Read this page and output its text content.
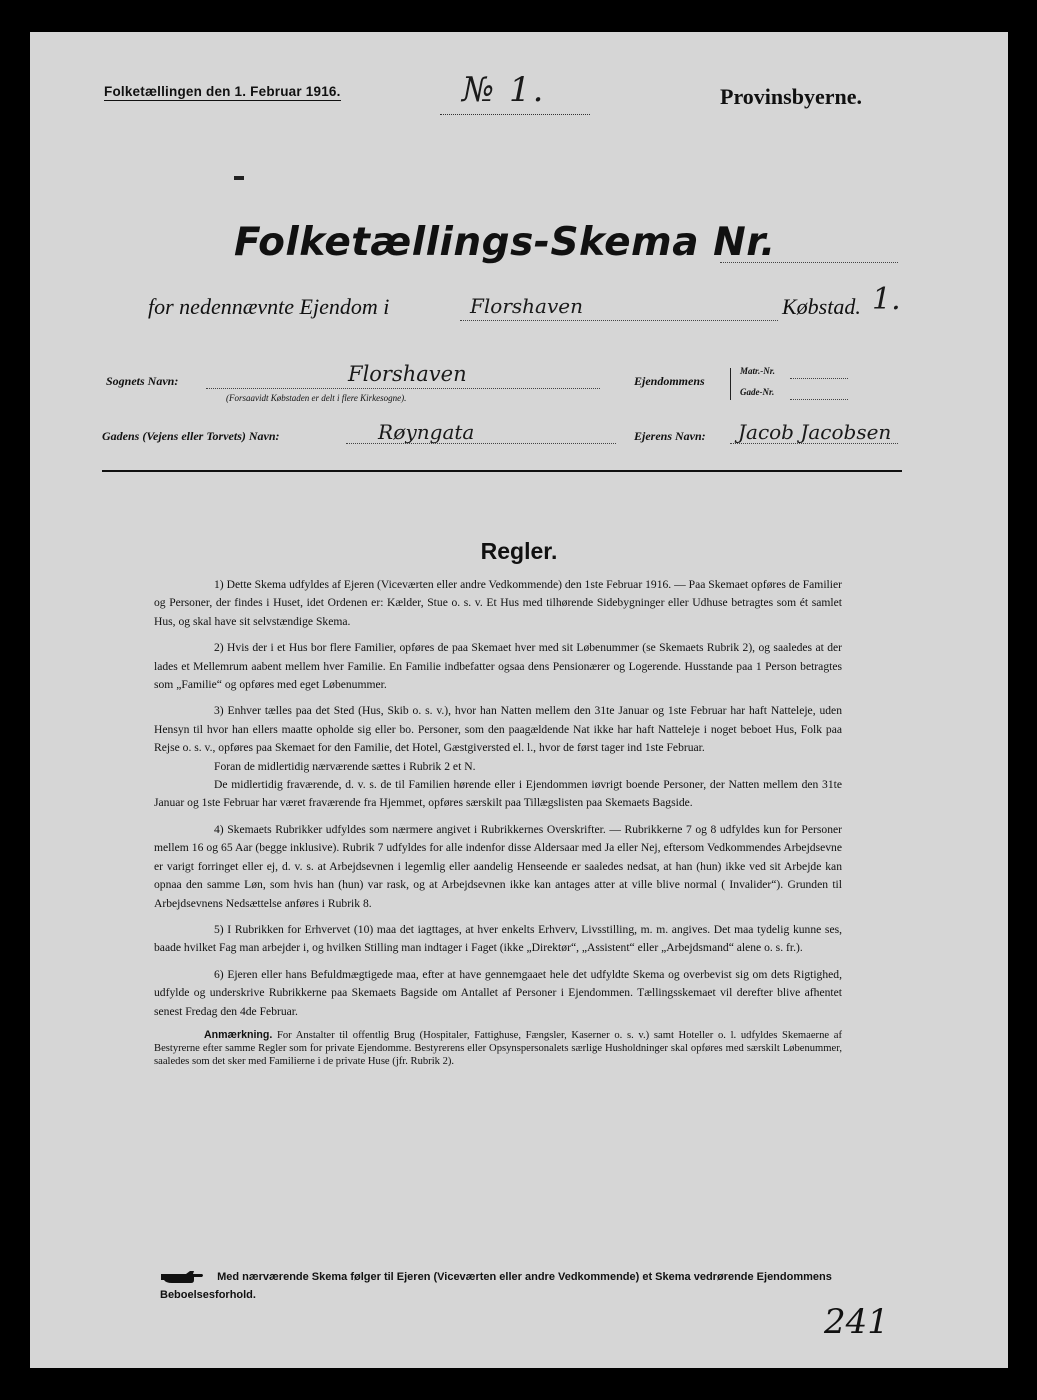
Folketællingen den 1. Februar 1916.	№ 1.	Provinsbyerne.
Folketællings-Skema Nr.
for nedennævnte Ejendom i	Florshaven	Købstad. 1.
Sognets Navn:	Florshaven
(Forsaavidt Købstaden er delt i flere Kirkesogne).
Ejendommens
Matr.-Nr.
Gade-Nr.
Gadens (Vejens eller Torvets) Navn:	Røyngata	Ejerens Navn: Jacob Jacobsen
Regler.

1) Dette Skema udfyldes af Ejeren (Viceværten eller andre Vedkommende) den 1ste Februar 1916. — Paa Skemaet opføres de Familier og Personer, der findes i Huset, idet Ordenen er: Kælder, Stue o. s. v. Et Hus med tilhørende Sidebygninger eller Udhuse betragtes som ét samlet Hus, og skal have sit selvstændige Skema.

2) Hvis der i et Hus bor flere Familier, opføres de paa Skemaet hver med sit Løbenummer (se Skemaets Rubrik 2), og saaledes at der lades et Mellemrum aabent mellem hver Familie. En Familie indbefatter ogsaa dens Pensionærer og Logerende. Husstande paa 1 Person betragtes som „Familie“ og opføres med eget Løbenummer.

3) Enhver tælles paa det Sted (Hus, Skib o. s. v.), hvor han Natten mellem den 31te Januar og 1ste Februar har haft Natteleje, uden Hensyn til hvor han ellers maatte opholde sig eller bo. Personer, som den paagældende Nat ikke har haft Natteleje i noget beboet Hus, Folk paa Rejse o. s. v., opføres paa Skemaet for den Familie, det Hotel, Gæstgiversted el. l., hvor de først tager ind 1ste Februar.

Foran de midlertidig nærværende sættes i Rubrik 2 et N.

De midlertidig fraværende, d. v. s. de til Familien hørende eller i Ejendommen iøvrigt boende Personer, der Natten mellem den 31te Januar og 1ste Februar har været fraværende fra Hjemmet, opføres særskilt paa Tillægslisten paa Skemaets Bagside.

4) Skemaets Rubrikker udfyldes som nærmere angivet i Rubrikkernes Overskrifter. — Rubrikkerne 7 og 8 udfyldes kun for Personer mellem 16 og 65 Aar (begge inklusive). Rubrik 7 udfyldes for alle indenfor disse Aldersaar med Ja eller Nej, eftersom Vedkommendes Arbejdsevne er varigt forringet eller ej, d. v. s. at Arbejdsevnen i legemlig eller aandelig Henseende er saaledes nedsat, at han (hun) ikke ved sit Arbejde kan opnaa den samme Løn, som hvis han (hun) var rask, og at Arbejdsevnen ikke kan antages atter at ville blive normal ( Invalider“). Grunden til Arbejdsevnens Nedsættelse anføres i Rubrik 8.

5) I Rubrikken for Erhvervet (10) maa det iagttages, at hver enkelts Erhverv, Livsstilling, m. m. angives. Det maa tydelig kunne ses, baade hvilket Fag man arbejder i, og hvilken Stilling man indtager i Faget (ikke „Direktør“, „Assistent“ eller „Arbejdsmand“ alene o. s. fr.).

6) Ejeren eller hans Befuldmægtigede maa, efter at have gennemgaaet hele det udfyldte Skema og overbevist sig om dets Rigtighed, udfylde og underskrive Rubrikkerne paa Skemaets Bagside om Antallet af Personer i Ejendommen. Tællingsskemaet vil derefter blive afhentet senest Fredag den 4de Februar.

Anmærkning. For Anstalter til offentlig Brug (Hospitaler, Fattighuse, Fængsler, Kaserner o. s. v.) samt Hoteller o. l. udfyldes Skemaerne af Bestyrerne efter samme Regler som for private Ejendomme. Bestyrerens eller Opsynspersonalets særlige Husholdninger skal opføres med særskilt Løbenummer, saaledes som det sker med Familierne i de private Huse (jfr. Rubrik 2).

Med nærværende Skema følger til Ejeren (Viceværten eller andre Vedkommende) et Skema vedrørende Ejendommens Beboelsesforhold.
241
